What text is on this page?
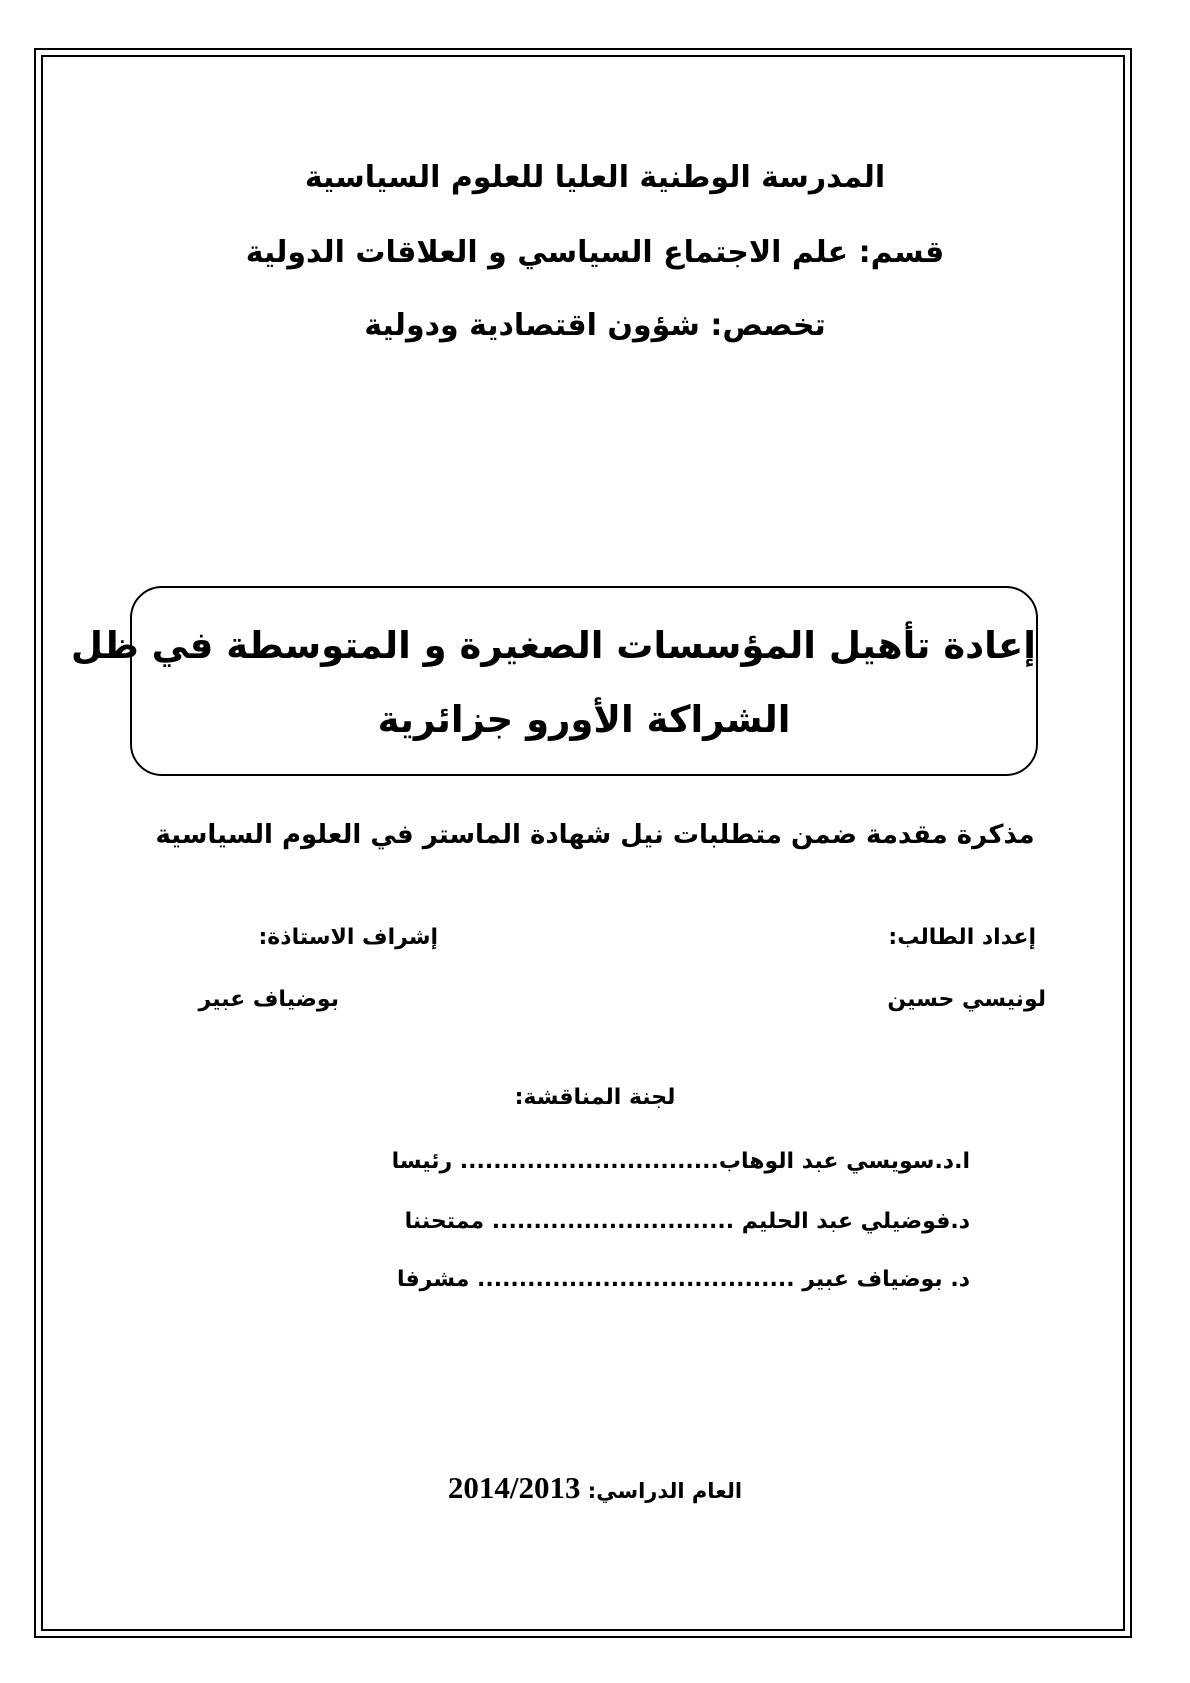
المدرسة الوطنية العليا للعلوم السياسية
قسم: علم الاجتماع السياسي و العلاقات الدولية
تخصص: شؤون اقتصادية ودولية
إعادة تأهيل المؤسسات الصغيرة و المتوسطة في ظل
الشراكة الأورو جزائرية
مذكرة مقدمة ضمن متطلبات نيل شهادة الماستر في العلوم السياسية
إعداد الطالب:
لونيسي حسين
إشراف الاستاذة:
بوضياف عبير
لجنة المناقشة:
ا.د.سويسي عبد الوهاب............................... رئيسا
د.فوضيلي عبد الحليم ............................. ممتحننا
د. بوضياف عبير ...................................... مشرفا
العام الدراسي: 2014/2013
